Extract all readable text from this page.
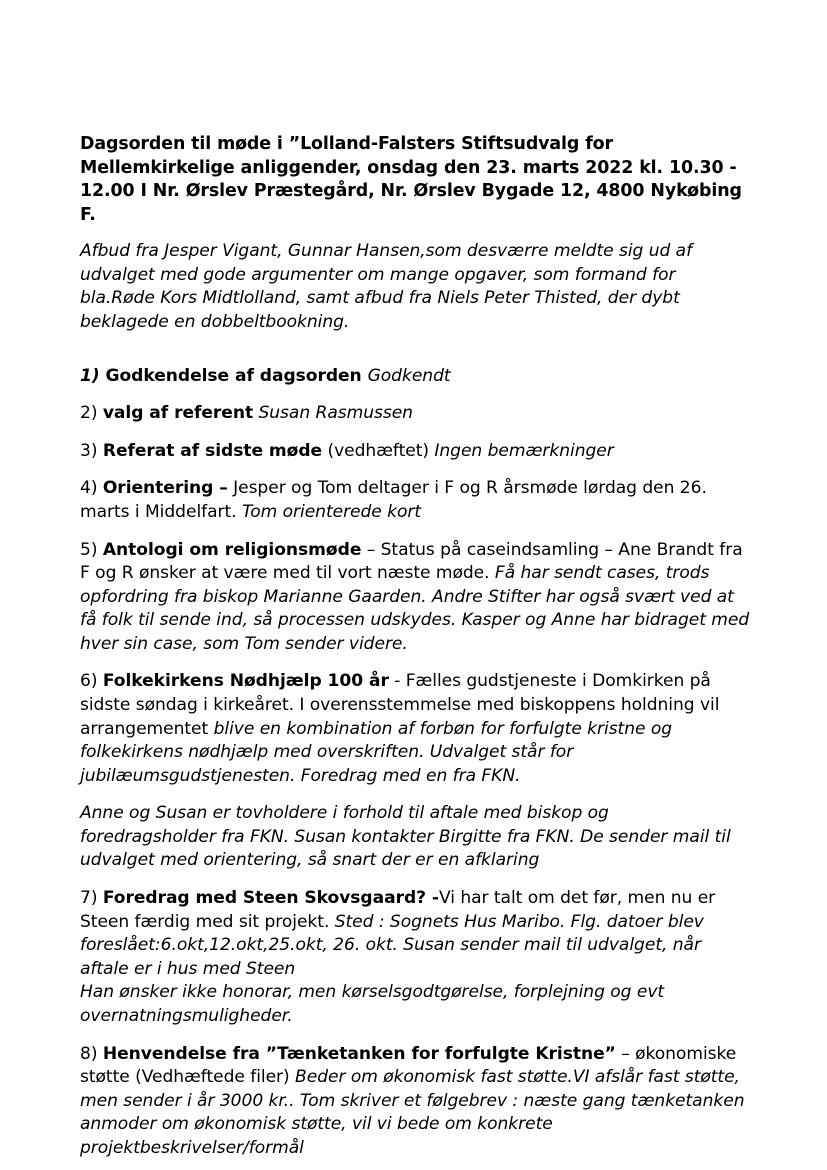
Dagsorden til møde i ”Lolland-Falsters Stiftsudvalg for Mellemkirkelige anliggender, onsdag den 23. marts 2022 kl. 10.30 - 12.00 I Nr. Ørslev Præstegård, Nr. Ørslev Bygade 12, 4800 Nykøbing F.

Afbud fra Jesper Vigant, Gunnar Hansen,som desværre meldte sig ud af udvalget med gode argumenter om mange opgaver, som formand for bla.Røde Kors Midtlolland, samt afbud fra Niels Peter Thisted, der dybt beklagede en dobbeltbookning.

1) Godkendelse af dagsorden Godkendt

2) valg af referent Susan Rasmussen

3) Referat af sidste møde (vedhæftet) Ingen bemærkninger

4) Orientering – Jesper og Tom deltager i F og R årsmøde lørdag den 26. marts i Middelfart. Tom orienterede kort

5) Antologi om religionsmøde – Status på caseindsamling – Ane Brandt fra F og R ønsker at være med til vort næste møde. Få har sendt cases, trods opfordring fra biskop Marianne Gaarden. Andre Stifter har også svært ved at få folk til sende ind, så processen udskydes. Kasper og Anne har bidraget med hver sin case, som Tom sender videre.

6) Folkekirkens Nødhjælp 100 år - Fælles gudstjeneste i Domkirken på sidste søndag i kirkeåret. I overensstemmelse med biskoppens holdning vil arrangementet blive en kombination af forbøn for forfulgte kristne og folkekirkens nødhjælp med overskriften. Udvalget står for jubilæumsgudstjenesten. Foredrag med en fra FKN.

Anne og Susan er tovholdere i forhold til aftale med biskop og foredragsholder fra FKN. Susan kontakter Birgitte fra FKN. De sender mail til udvalget med orientering, så snart der er en afklaring

7) Foredrag med Steen Skovsgaard? -Vi har talt om det før, men nu er Steen færdig med sit projekt. Sted : Sognets Hus Maribo. Flg. datoer blev foreslået:6.okt,12.okt,25.okt, 26. okt. Susan sender mail til udvalget, når aftale er i hus med Steen
Han ønsker ikke honorar, men kørselsgodtgørelse, forplejning og evt overnatningsmuligheder.

8) Henvendelse fra ”Tænketanken for forfulgte Kristne” – økonomiske støtte (Vedhæftede filer) Beder om økonomisk fast støtte.VI afslår fast støtte, men sender i år 3000 kr.. Tom skriver et følgebrev : næste gang tænketanken anmoder om økonomisk støtte, vil vi bede om konkrete projektbeskrivelser/formål
